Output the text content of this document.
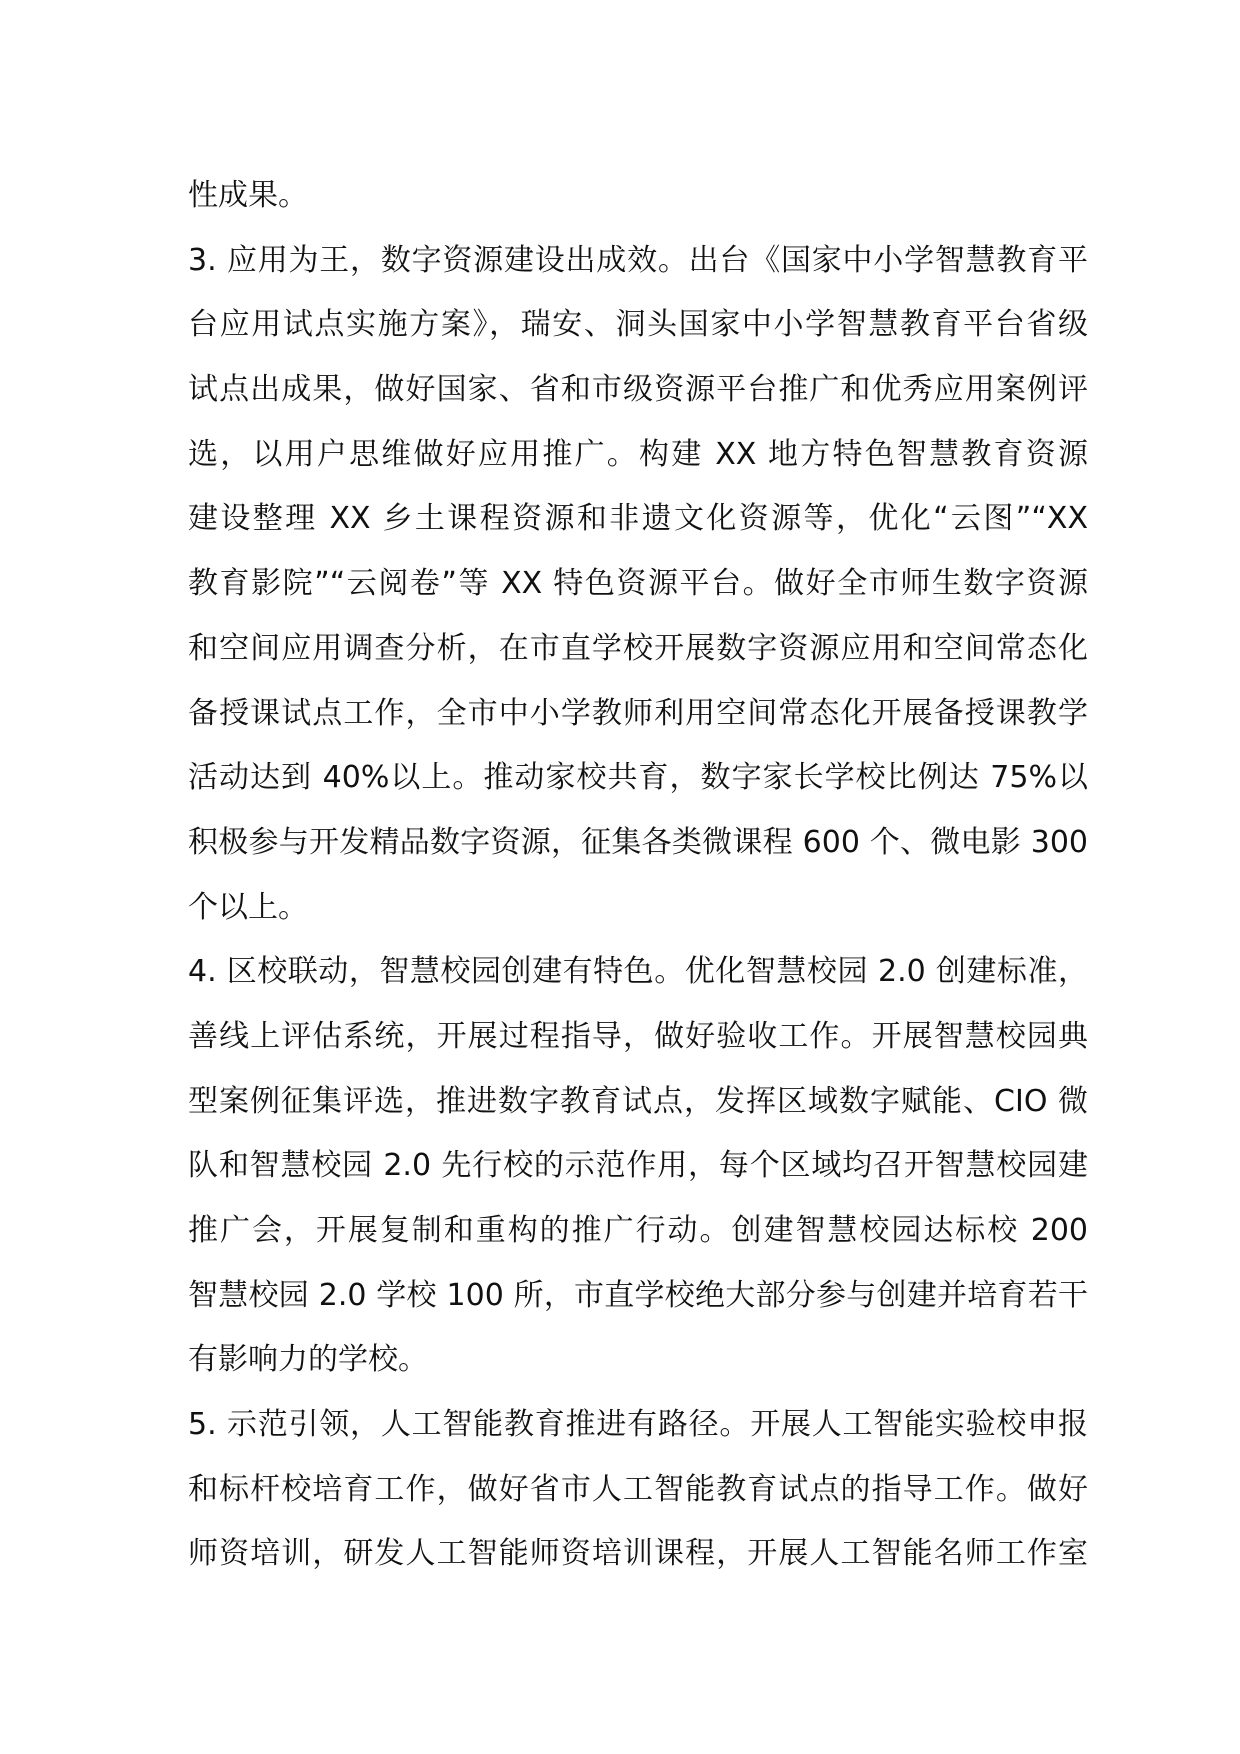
性成果。
3. 应用为王，数字资源建设出成效。出台《国家中小学智慧教育平
台应用试点实施方案》，瑞安、洞头国家中小学智慧教育平台省级
试点出成果，做好国家、省和市级资源平台推广和优秀应用案例评
选，以用户思维做好应用推广。构建 XX 地方特色智慧教育资源
建设整理 XX 乡土课程资源和非遗文化资源等，优化“云图”“XX
教育影院”“云阅卷”等 XX 特色资源平台。做好全市师生数字资源
和空间应用调查分析，在市直学校开展数字资源应用和空间常态化
备授课试点工作，全市中小学教师利用空间常态化开展备授课教学
活动达到 40%以上。推动家校共育，数字家长学校比例达 75%以
积极参与开发精品数字资源，征集各类微课程 600 个、微电影 300
个以上。
4. 区校联动，智慧校园创建有特色。优化智慧校园 2.0 创建标准，
善线上评估系统，开展过程指导，做好验收工作。开展智慧校园典
型案例征集评选，推进数字教育试点，发挥区域数字赋能、CIO 微
队和智慧校园 2.0 先行校的示范作用，每个区域均召开智慧校园建
推广会，开展复制和重构的推广行动。创建智慧校园达标校 200
智慧校园 2.0 学校 100 所，市直学校绝大部分参与创建并培育若干
有影响力的学校。
5. 示范引领，人工智能教育推进有路径。开展人工智能实验校申报
和标杆校培育工作，做好省市人工智能教育试点的指导工作。做好
师资培训，研发人工智能师资培训课程，开展人工智能名师工作室
